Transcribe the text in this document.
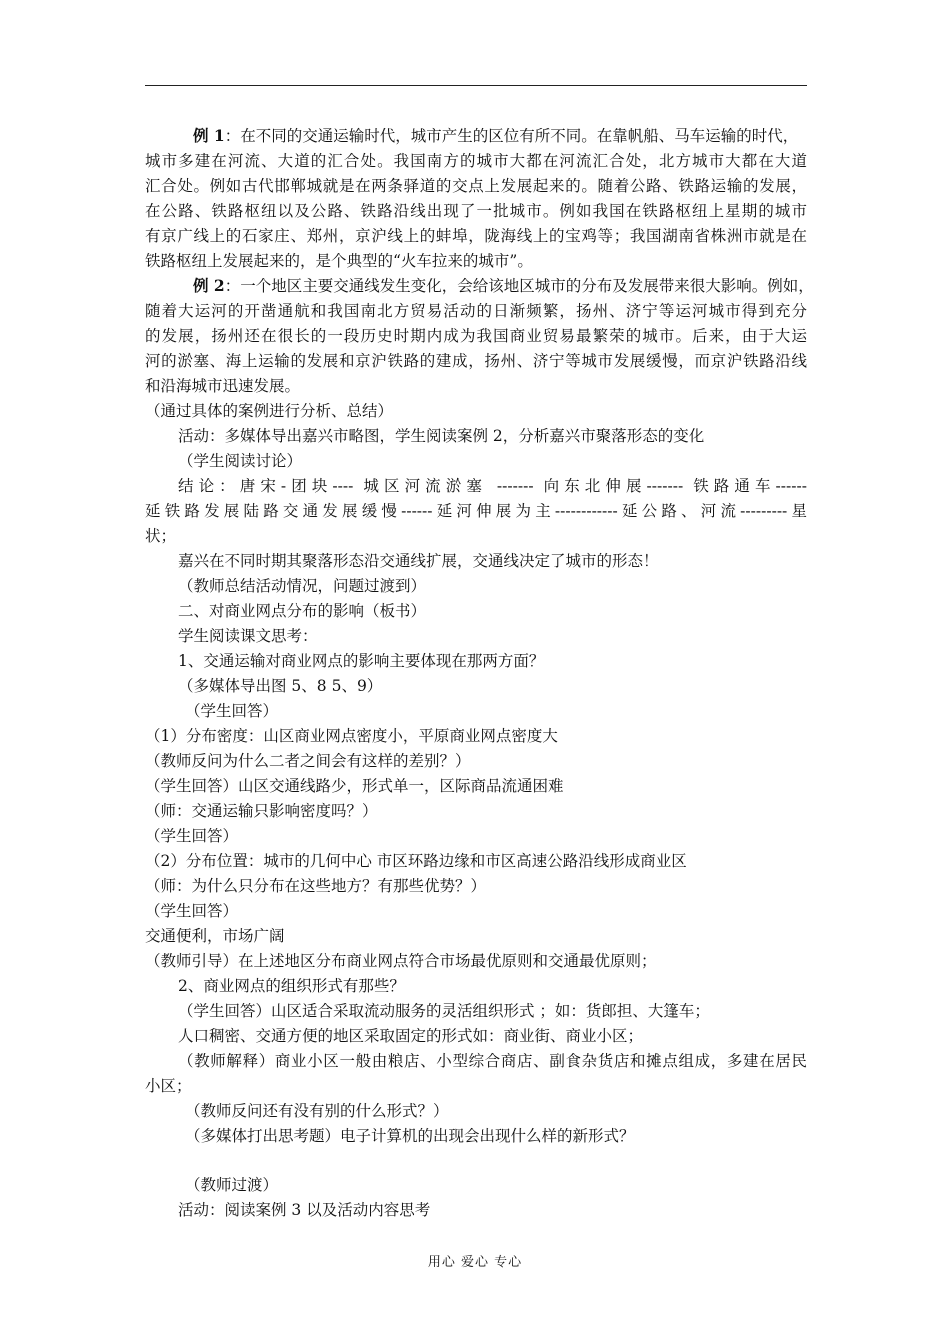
例 1：在不同的交通运输时代，城市产生的区位有所不同。在靠帆船、马车运输的时代，
城市多建在河流、大道的汇合处。我国南方的城市大都在河流汇合处，北方城市大都在大道
汇合处。例如古代邯郸城就是在两条驿道的交点上发展起来的。随着公路、铁路运输的发展，
在公路、铁路枢纽以及公路、铁路沿线出现了一批城市。例如我国在铁路枢纽上星期的城市
有京广线上的石家庄、郑州，京沪线上的蚌埠，陇海线上的宝鸡等；我国湖南省株洲市就是在
铁路枢纽上发展起来的，是个典型的“火车拉来的城市”。
例 2：一个地区主要交通线发生变化，会给该地区城市的分布及发展带来很大影响。例如，
随着大运河的开凿通航和我国南北方贸易活动的日渐频繁，扬州、济宁等运河城市得到充分
的发展，扬州还在很长的一段历史时期内成为我国商业贸易最繁荣的城市。后来，由于大运
河的淤塞、海上运输的发展和京沪铁路的建成，扬州、济宁等城市发展缓慢，而京沪铁路沿线
和沿海城市迅速发展。
（通过具体的案例进行分析、总结）
活动：多媒体导出嘉兴市略图，学生阅读案例 2，分析嘉兴市聚落形态的变化
（学生阅读讨论）
结论：唐宋-团块---- 城区河流淤塞 ------- 向东北伸展------- 铁路通车------
延铁路发展陆路交通发展缓慢------延河伸展为主------------延公路、河流---------星
状；
嘉兴在不同时期其聚落形态沿交通线扩展，交通线决定了城市的形态！
（教师总结活动情况，问题过渡到）
二、对商业网点分布的影响（板书）
学生阅读课文思考：
1、交通运输对商业网点的影响主要体现在那两方面？
（多媒体导出图 5、8 5、9）
（学生回答）
（1）分布密度：山区商业网点密度小，平原商业网点密度大
（教师反问为什么二者之间会有这样的差别？）
（学生回答）山区交通线路少，形式单一，区际商品流通困难
（师：交通运输只影响密度吗？）
（学生回答）
（2）分布位置：城市的几何中心 市区环路边缘和市区高速公路沿线形成商业区
（师：为什么只分布在这些地方？有那些优势？）
（学生回答）
交通便利，市场广阔
（教师引导）在上述地区分布商业网点符合市场最优原则和交通最优原则；
2、商业网点的组织形式有那些？
（学生回答）山区适合采取流动服务的灵活组织形式 ；如：货郎担、大篷车；
人口稠密、交通方便的地区采取固定的形式如：商业街、商业小区；
（教师解释）商业小区一般由粮店、小型综合商店、副食杂货店和摊点组成，多建在居民
小区；
（教师反问还有没有别的什么形式？）
（多媒体打出思考题）电子计算机的出现会出现什么样的新形式？
（教师过渡）
活动：阅读案例 3 以及活动内容思考
用心 爱心 专心
